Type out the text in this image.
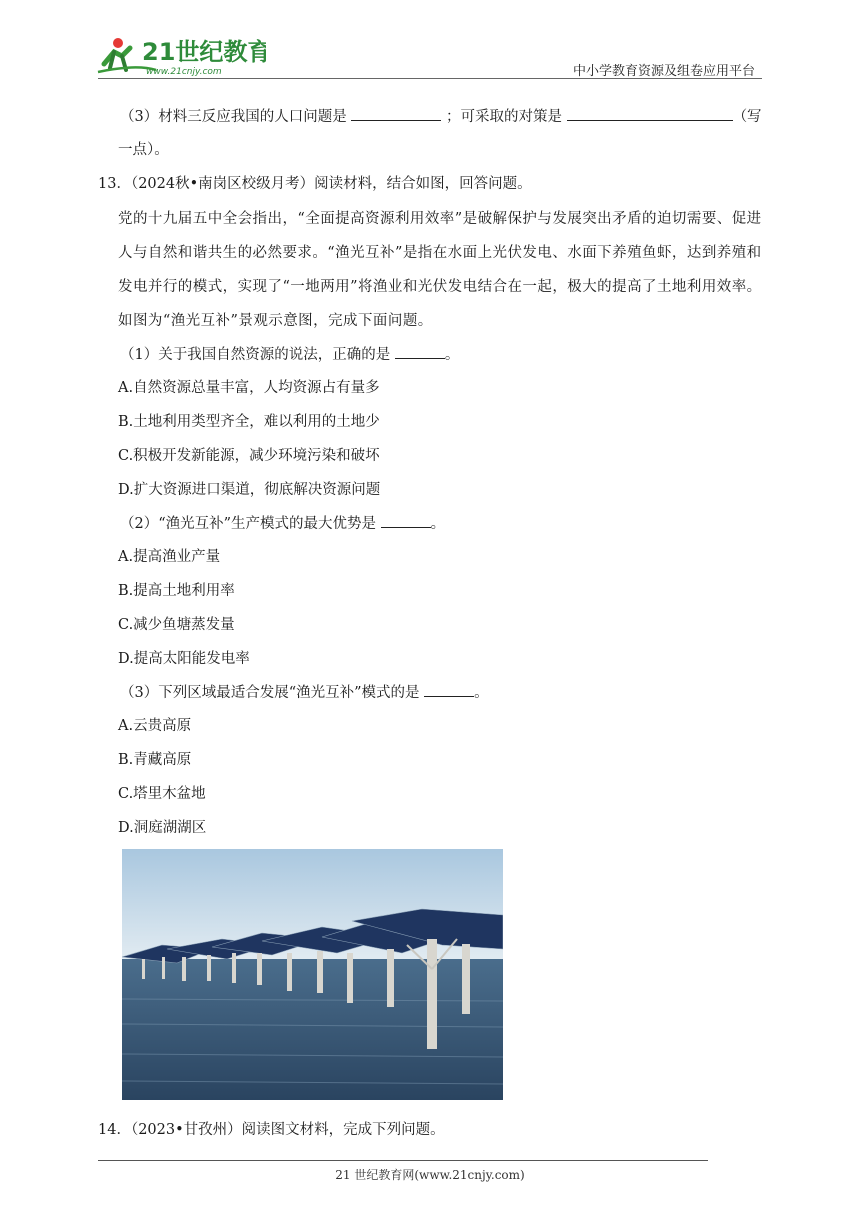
21世纪教育
www.21cnjy.com	中小学教育资源及组卷应用平台
（3）材料三反应我国的人口问题是	；可采取的对策是	（写
一点）。
13．（2024秋•南岗区校级月考）阅读材料，结合如图，回答问题。
党的十九届五中全会指出，“全面提高资源利用效率”是破解保护与发展突出矛盾的迫切需要、促进人与自然和谐共生的必然要求。“渔光互补”是指在水面上光伏发电、水面下养殖鱼虾，达到养殖和发电并行的模式，实现了“一地两用”将渔业和光伏发电结合在一起，极大的提高了土地利用效率。如图为“渔光互补”景观示意图，完成下面问题。
（1）关于我国自然资源的说法，正确的是	。
A.自然资源总量丰富，人均资源占有量多
B.土地利用类型齐全，难以利用的土地少
C.积极开发新能源，减少环境污染和破坏
D.扩大资源进口渠道，彻底解决资源问题
（2）“渔光互补”生产模式的最大优势是	。
A.提高渔业产量
B.提高土地利用率
C.减少鱼塘蒸发量
D.提高太阳能发电率
（3）下列区域最适合发展“渔光互补”模式的是	。
A.云贵高原
B.青藏高原
C.塔里木盆地
D.洞庭湖湖区
14．（2023•甘孜州）阅读图文材料，完成下列问题。
21 世纪教育网(www.21cnjy.com)
